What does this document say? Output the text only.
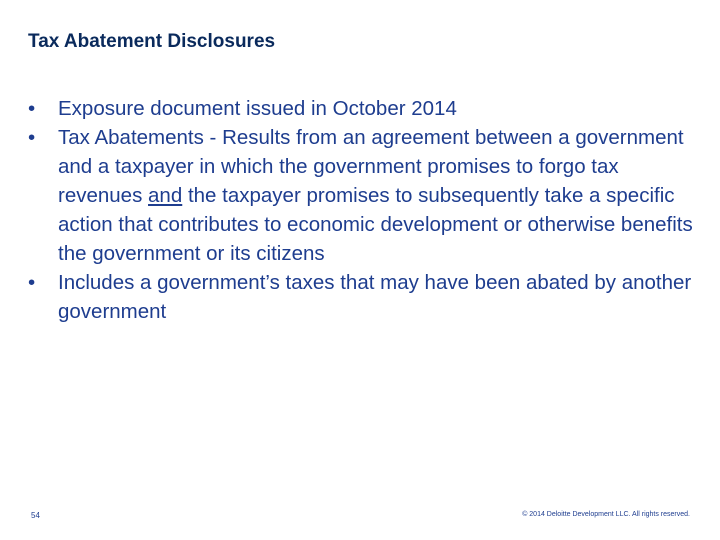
Tax Abatement Disclosures
•	Exposure document issued in October 2014
•	Tax Abatements - Results from an agreement between a government and a taxpayer in which the government promises to forgo tax revenues and the taxpayer promises to subsequently take a specific action that contributes to economic development or otherwise benefits the government or its citizens
•	Includes a government’s taxes that may have been abated by another government
54	© 2014 Deloitte Development LLC. All rights reserved.
